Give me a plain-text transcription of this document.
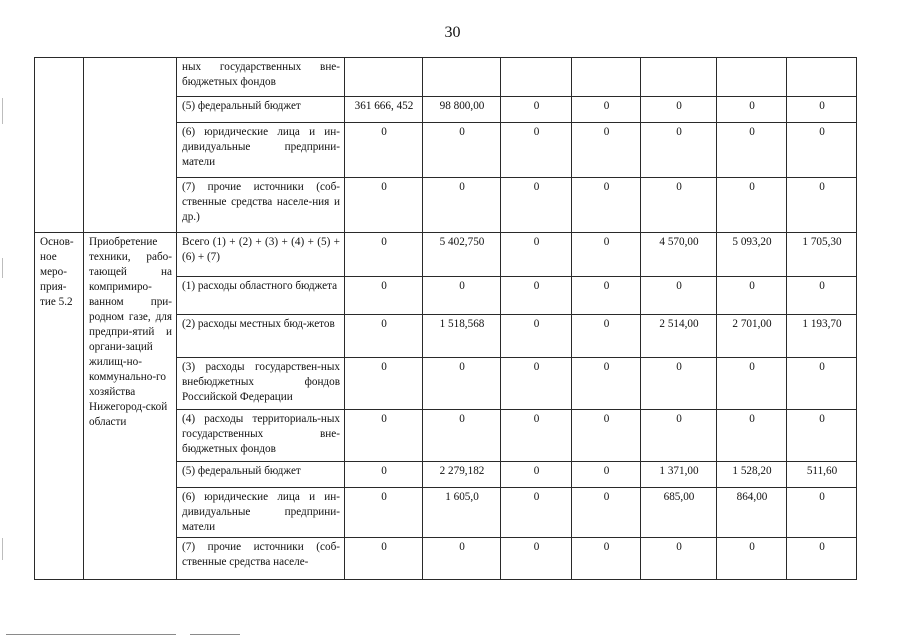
30
		ных государственных вне-бюджетных фондов							
		(5) федеральный бюджет	361 666, 452	98 800,00	0	0	0	0	0
		(6) юридические лица и ин-дивидуальные предприни-матели	0	0	0	0	0	0	0
		(7) прочие источники (соб-ственные средства населе-ния и др.)	0	0	0	0	0	0	0
Основ-ное меро-прия-тие 5.2	Приобретение техники, рабо-тающей на компримиро-ванном при-родном газе, для предпри-ятий и органи-заций жилищ-но-коммунально-го хозяйства Нижегород-ской области	Всего (1) + (2) + (3) + (4) + (5) + (6) + (7)	0	5 402,750	0	0	4 570,00	5 093,20	1 705,30
		(1) расходы областного бюджета	0	0	0	0	0	0	0
		(2) расходы местных бюд-жетов	0	1 518,568	0	0	2 514,00	2 701,00	1 193,70
		(3) расходы государствен-ных внебюджетных фондов Российской Федерации	0	0	0	0	0	0	0
		(4) расходы территориаль-ных государственных вне-бюджетных фондов	0	0	0	0	0	0	0
		(5) федеральный бюджет	0	2 279,182	0	0	1 371,00	1 528,20	511,60
		(6) юридические лица и ин-дивидуальные предприни-матели	0	1 605,0	0	0	685,00	864,00	0
		(7) прочие источники (соб-ственные средства населе-	0	0	0	0	0	0	0
